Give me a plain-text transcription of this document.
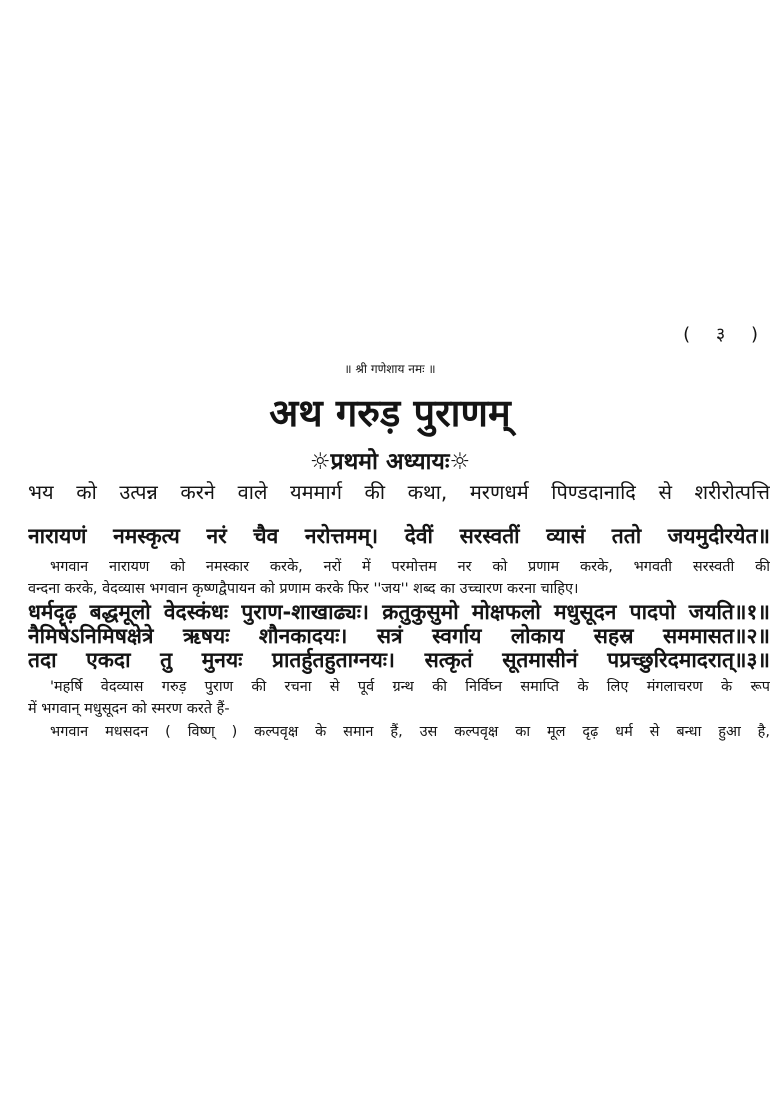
( ३ )
॥ श्री गणेशाय नमः ॥
अथ गरुड़ पुराणम्
☼प्रथमो अध्यायः☼
भय को उत्पन्न करने वाले यममार्ग की कथा, मरणधर्म पिण्डदानादि से शरीरोत्पत्ति
नारायणं नमस्कृत्य नरं चैव नरोत्तमम्। देवीं सरस्वतीं व्यासं ततो जयमुदीरयेत॥
भगवान नारायण को नमस्कार करके, नरों में परमोत्तम नर को प्रणाम करके, भगवती सरस्वती की
वन्दना करके, वेदव्यास भगवान कृष्णद्वैपायन को प्रणाम करके फिर ''जय'' शब्द का उच्चारण करना चाहिए।
धर्मदृढ़ बद्धमूलो वेदस्कंधः पुराण-शाखाढ्यः। क्रतुकुसुमो मोक्षफलो मधुसूदन पादपो जयति॥१॥
नैमिषेऽनिमिषक्षेत्रे ऋषयः शौनकादयः। सत्रं स्वर्गाय लोकाय सहस्र सममासत॥२॥
तदा एकदा तु मुनयः प्रातर्हुतहुताग्नयः। सत्कृतं सूतमासीनं पप्रच्छुरिदमादरात्॥३॥
'महर्षि वेदव्यास गरुड़ पुराण की रचना से पूर्व ग्रन्थ की निर्विघ्न समाप्ति के लिए मंगलाचरण के रूप
में भगवान् मधुसूदन को स्मरण करते हैं-
भगवान मधसदन ( विष्ण् ) कल्पवृक्ष के समान हैं, उस कल्पवृक्ष का मूल दृढ़ धर्म से बन्धा हुआ है,
